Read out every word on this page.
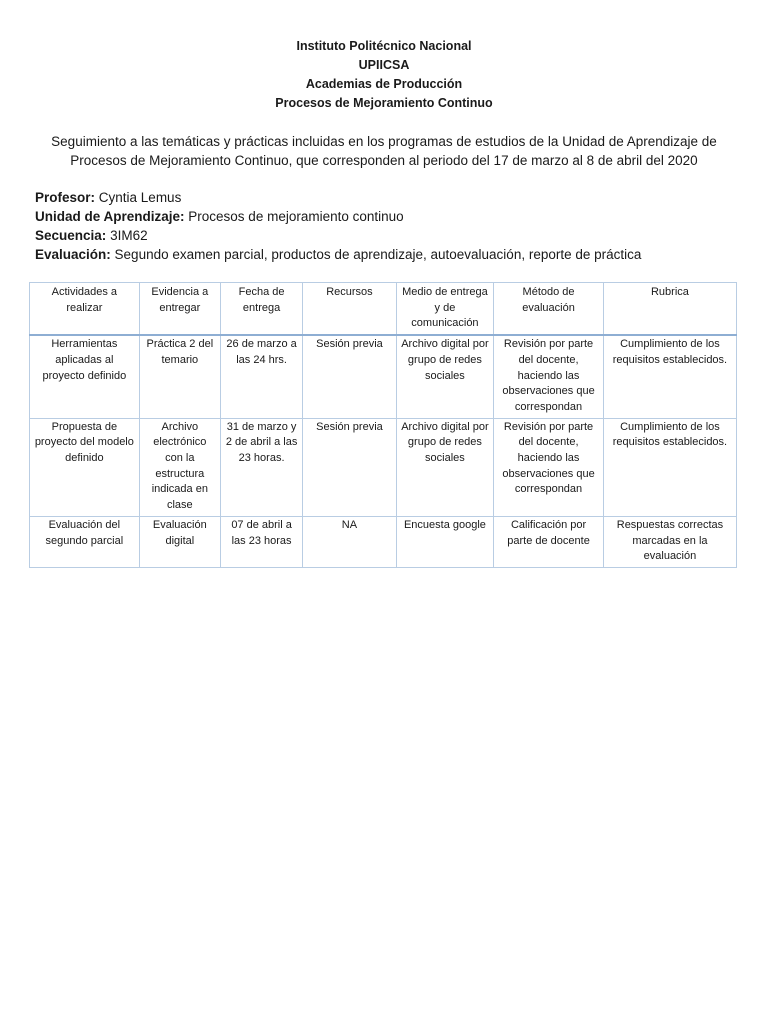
Instituto Politécnico Nacional
UPIICSA
Academias de Producción
Procesos de Mejoramiento Continuo
Seguimiento a las temáticas y prácticas incluidas en los programas de estudios de la Unidad de Aprendizaje de Procesos de Mejoramiento Continuo, que corresponden al periodo del 17 de marzo al 8 de abril del 2020
Profesor: Cyntia Lemus
Unidad de Aprendizaje: Procesos de mejoramiento continuo
Secuencia: 3IM62
Evaluación: Segundo examen parcial, productos de aprendizaje, autoevaluación, reporte de práctica
Actividades a realizar	Evidencia a entregar	Fecha de entrega	Recursos	Medio de entrega y de comunicación	Método de evaluación	Rubrica
Herramientas aplicadas al proyecto definido	Práctica 2 del temario	26 de marzo a las 24 hrs.	Sesión previa	Archivo digital por grupo de redes sociales	Revisión por parte del docente, haciendo las observaciones que correspondan	Cumplimiento de los requisitos establecidos.
Propuesta de proyecto del modelo definido	Archivo electrónico con la estructura indicada en clase	31 de marzo y 2 de abril a las 23 horas.	Sesión previa	Archivo digital por grupo de redes sociales	Revisión por parte del docente, haciendo las observaciones que correspondan	Cumplimiento de los requisitos establecidos.
Evaluación del segundo parcial	Evaluación digital	07 de abril a las 23 horas	NA	Encuesta google	Calificación por parte de docente	Respuestas correctas marcadas en la evaluación
